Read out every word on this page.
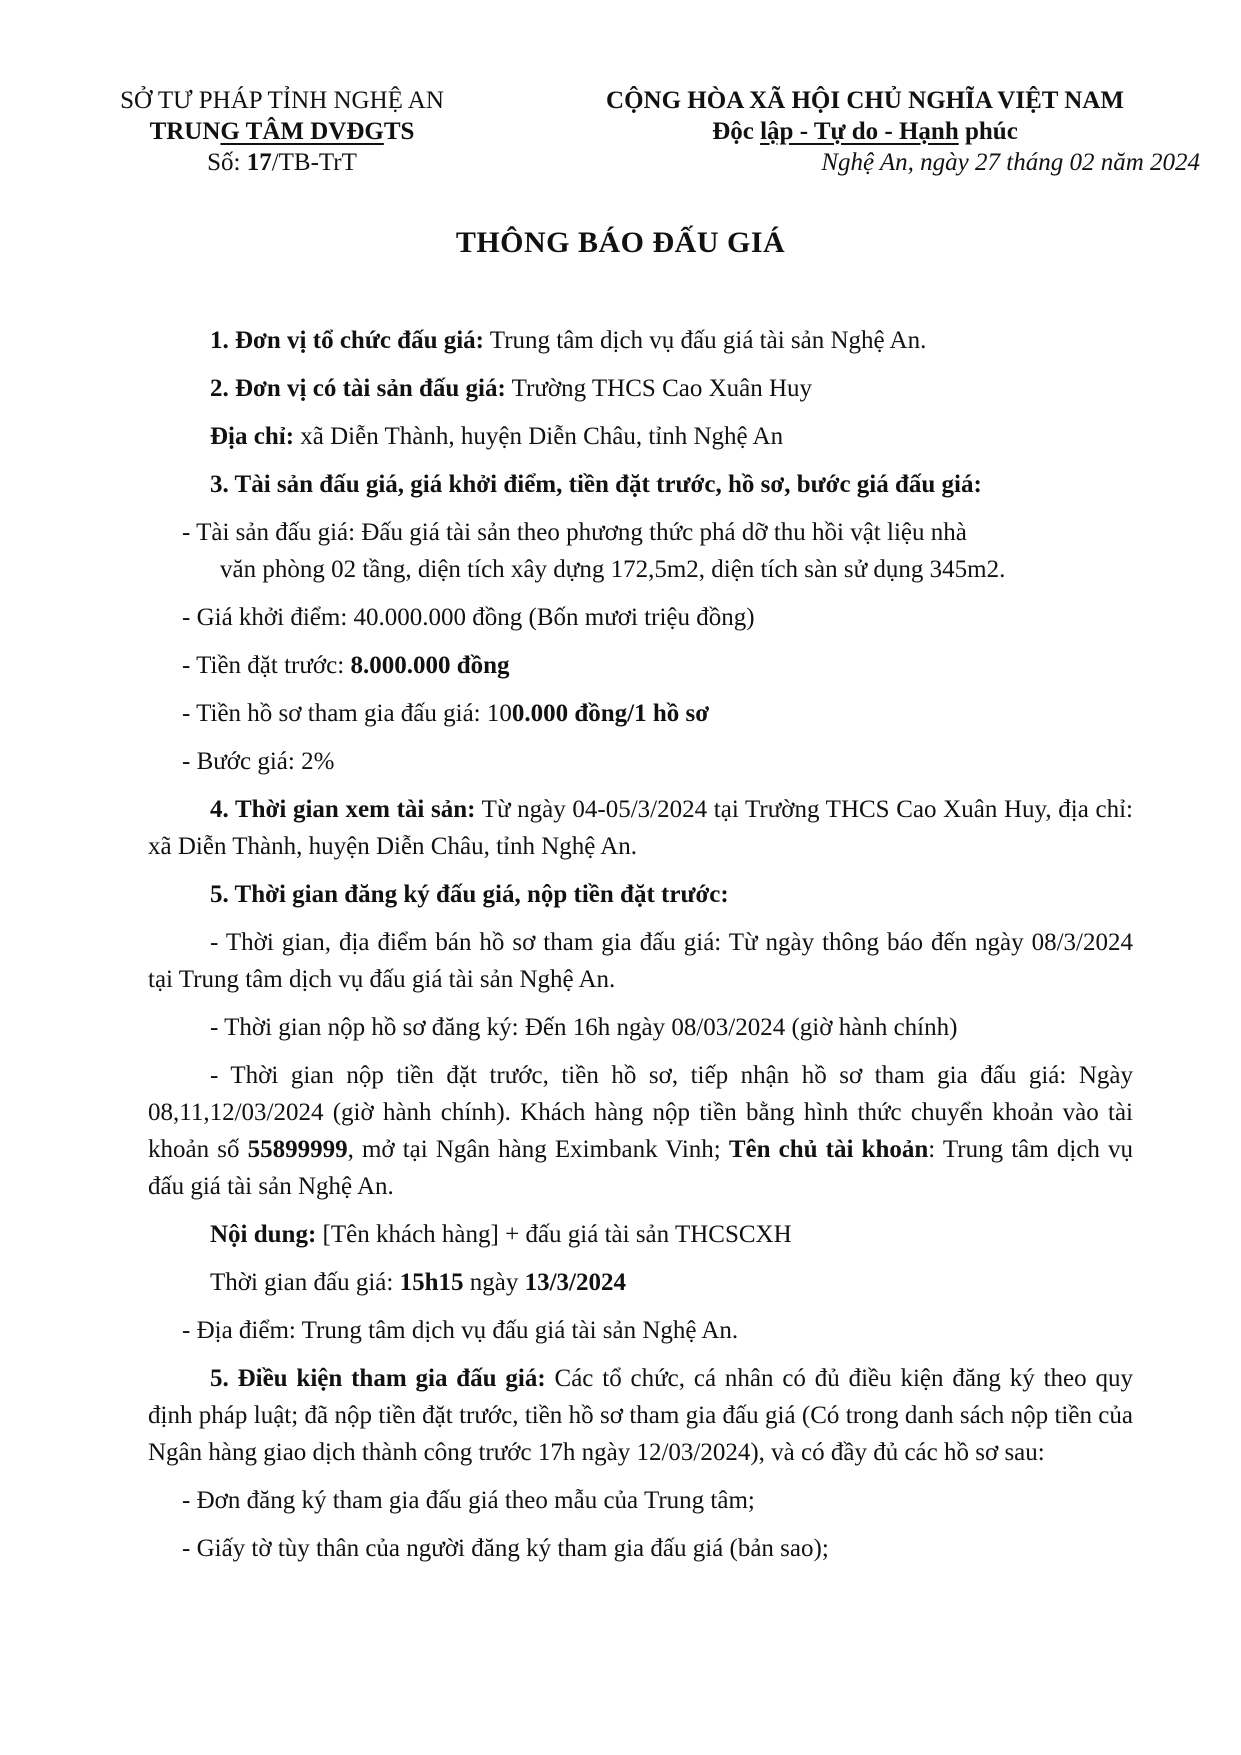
SỞ TƯ PHÁP TỈNH NGHỆ AN
TRUNG TÂM DVĐGTS
Số: 17/TB-TrT
CỘNG HÒA XÃ HỘI CHỦ NGHĨA VIỆT NAM
Độc lập - Tự do - Hạnh phúc
Nghệ An, ngày 27 tháng 02 năm 2024
THÔNG BÁO ĐẤU GIÁ

1. Đơn vị tổ chức đấu giá: Trung tâm dịch vụ đấu giá tài sản Nghệ An.

2. Đơn vị có tài sản đấu giá: Trường THCS Cao Xuân Huy

Địa chỉ: xã Diễn Thành, huyện Diễn Châu, tỉnh Nghệ An

3. Tài sản đấu giá, giá khởi điểm, tiền đặt trước, hồ sơ, bước giá đấu giá:

- Tài sản đấu giá: Đấu giá tài sản theo phương thức phá dỡ thu hồi vật liệu nhà
văn phòng 02 tầng, diện tích xây dựng 172,5m2, diện tích sàn sử dụng 345m2.

- Giá khởi điểm: 40.000.000 đồng (Bốn mươi triệu đồng)

- Tiền đặt trước: 8.000.000 đồng

- Tiền hồ sơ tham gia đấu giá: 100.000 đồng/1 hồ sơ

- Bước giá: 2%

4. Thời gian xem tài sản: Từ ngày 04-05/3/2024 tại Trường THCS Cao Xuân Huy, địa chỉ: xã Diễn Thành, huyện Diễn Châu, tỉnh Nghệ An.

5. Thời gian đăng ký đấu giá, nộp tiền đặt trước:

- Thời gian, địa điểm bán hồ sơ tham gia đấu giá: Từ ngày thông báo đến ngày 08/3/2024 tại Trung tâm dịch vụ đấu giá tài sản Nghệ An.

- Thời gian nộp hồ sơ đăng ký: Đến 16h ngày 08/03/2024 (giờ hành chính)

- Thời gian nộp tiền đặt trước, tiền hồ sơ, tiếp nhận hồ sơ tham gia đấu giá: Ngày 08,11,12/03/2024 (giờ hành chính). Khách hàng nộp tiền bằng hình thức chuyển khoản vào tài khoản số 55899999, mở tại Ngân hàng Eximbank Vinh; Tên chủ tài khoản: Trung tâm dịch vụ đấu giá tài sản Nghệ An.

Nội dung: [Tên khách hàng] + đấu giá tài sản THCSCXH

Thời gian đấu giá: 15h15 ngày 13/3/2024

- Địa điểm: Trung tâm dịch vụ đấu giá tài sản Nghệ An.

5. Điều kiện tham gia đấu giá: Các tổ chức, cá nhân có đủ điều kiện đăng ký theo quy định pháp luật; đã nộp tiền đặt trước, tiền hồ sơ tham gia đấu giá (Có trong danh sách nộp tiền của Ngân hàng giao dịch thành công trước 17h ngày 12/03/2024), và có đầy đủ các hồ sơ sau:

- Đơn đăng ký tham gia đấu giá theo mẫu của Trung tâm;

- Giấy tờ tùy thân của người đăng ký tham gia đấu giá (bản sao);
